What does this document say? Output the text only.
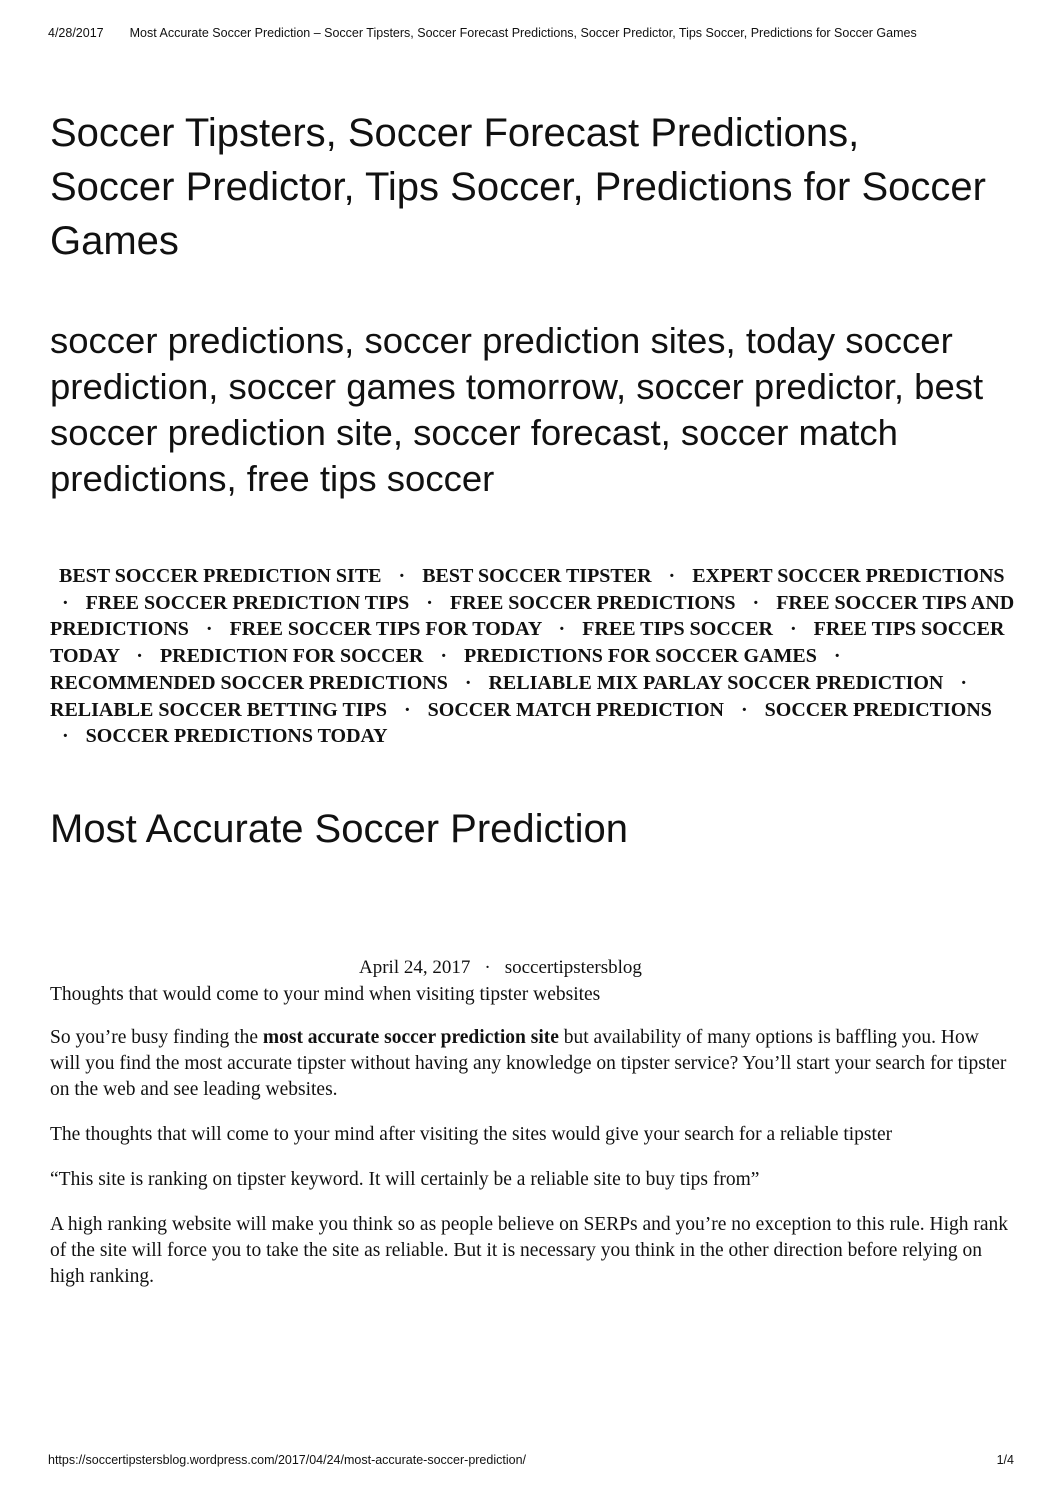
4/28/2017 Most Accurate Soccer Prediction – Soccer Tipsters, Soccer Forecast Predictions, Soccer Predictor, Tips Soccer, Predictions for Soccer Games
Soccer Tipsters, Soccer Forecast Predictions, Soccer Predictor, Tips Soccer, Predictions for Soccer Games

soccer predictions, soccer prediction sites, today soccer prediction, soccer games tomorrow, soccer predictor, best soccer prediction site, soccer forecast, soccer match predictions, free tips soccer

BEST SOCCER PREDICTION SITE · BEST SOCCER TIPSTER · EXPERT SOCCER PREDICTIONS · FREE SOCCER PREDICTION TIPS · FREE SOCCER PREDICTIONS · FREE SOCCER TIPS AND PREDICTIONS · FREE SOCCER TIPS FOR TODAY · FREE TIPS SOCCER · FREE TIPS SOCCER TODAY · PREDICTION FOR SOCCER · PREDICTIONS FOR SOCCER GAMES · RECOMMENDED SOCCER PREDICTIONS · RELIABLE MIX PARLAY SOCCER PREDICTION · RELIABLE SOCCER BETTING TIPS · SOCCER MATCH PREDICTION · SOCCER PREDICTIONS · SOCCER PREDICTIONS TODAY
Most Accurate Soccer Prediction
April 24, 2017 · soccertipstersblog

Thoughts that would come to your mind when visiting tipster websites

So you’re busy finding the most accurate soccer prediction site but availability of many options is baffling you. How will you find the most accurate tipster without having any knowledge on tipster service? You’ll start your search for tipster on the web and see leading websites.

The thoughts that will come to your mind after visiting the sites would give your search for a reliable tipster

“This site is ranking on tipster keyword. It will certainly be a reliable site to buy tips from”

A high ranking website will make you think so as people believe on SERPs and you’re no exception to this rule. High rank of the site will force you to take the site as reliable. But it is necessary you think in the other direction before relying on high ranking.

https://soccertipstersblog.wordpress.com/2017/04/24/most-accurate-soccer-prediction/	1/4
